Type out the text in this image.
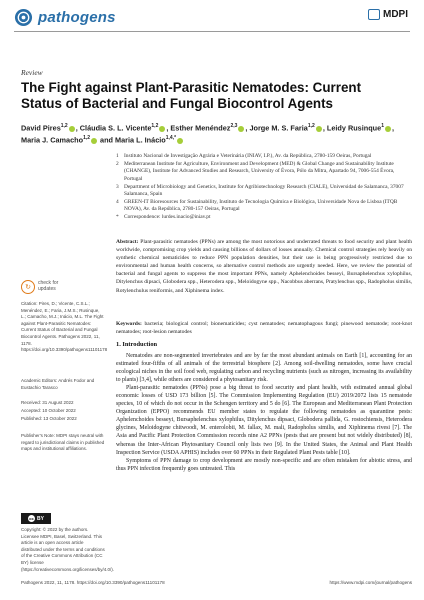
pathogens	MDPI
Review
The Fight against Plant-Parasitic Nematodes: Current Status of Bacterial and Fungal Biocontrol Agents
David Pires$^{1,2}$ , Cláudia S. L. Vicente$^{1,2}$ , Esther Menéndez$^{2,3}$ , Jorge M. S. Faria$^{1,2}$ , Leidy Rusinque$^1$ , Maria J. Camacho$^{1,2}$ and Maria L. Inácio$^{1,4,*}$
1 Instituto Nacional de Investigação Agrária e Veterinária (INIAV, I.P.), Av. da República, 2780-159 Oeiras, Portugal
2 Mediterranean Institute for Agriculture, Environment and Development (MED) & Global Change and Sustainability Institute (CHANGE), Institute for Advanced Studies and Research, University of Évora, Pólo da Mitra, Apartado 94, 7006-554 Évora, Portugal
3 Department of Microbiology and Genetics, Institute for Agribiotechnology Research (CIALE), Universidad de Salamanca, 37007 Salamanca, Spain
4 GREEN-IT Bioresources for Sustainability, Instituto de Tecnologia Química e Biológica, Universidade Nova de Lisboa (ITQB NOVA), Av. da República, 2780-157 Oeiras, Portugal
* Correspondence: lurdes.inacio@iniav.pt
Abstract: Plant-parasitic nematodes (PPNs) are among the most notorious and underrated threats to food security and plant health worldwide, compromising crop yields and causing billions of dollars of losses annually. Chemical control strategies rely heavily on synthetic chemical nematicides to reduce PPN population densities, but their use is being progressively restricted due to environmental and human health concerns, so alternative control methods are urgently needed. Here, we review the potential of bacterial and fungal agents to suppress the most important PPNs, namely Aphelenchoides besseyi, Bursaphelenchus xylophilus, Ditylenchus dipsaci, Globodera spp., Heterodera spp., Meloidogyne spp., Nacobbus aberrans, Pratylenchus spp., Radopholus similis, Rotylenchulus reniformis, and Xiphinema index.
Keywords: bacteria; biological control; bionematicides; cyst nematodes; nematophagous fungi; pinewood nematode; root-knot nematodes; root-lesion nematodes
↻	check for
updates
Citation: Pires, D.; Vicente, C.S.L.; Menéndez, E.; Faria, J.M.S.; Rusinque, L.; Camacho, M.J.; Inácio, M.L. The Fight against Plant-Parasitic Nematodes: Current Status of Bacterial and Fungal Biocontrol Agents. Pathogens 2022, 11, 1178. https://doi.org/10.3390/pathogens11101178
Academic Editors: Andrés Fodor and Eustachio Tarasco
Received: 31 August 2022
Accepted: 10 October 2022
Published: 13 October 2022
Publisher's Note: MDPI stays neutral with regard to jurisdictional claims in published maps and institutional affiliations.
cc BY
Copyright: © 2022 by the authors. Licensee MDPI, Basel, Switzerland. This article is an open access article distributed under the terms and conditions of the Creative Commons Attribution (CC BY) license (https://creativecommons.org/licenses/by/4.0/).
1. Introduction

Nematodes are non-segmented invertebrates and are by far the most abundant animals on Earth [1], accounting for an estimated four-fifths of all animals of the terrestrial biosphere [2]. Among soil-dwelling nematodes, some have crucial ecological niches in the soil food web, regulating carbon and recycling nutrients (such as nitrogen, increasing its availability to plants) [3,4], while others are considered a phytosanitary risk.

Plant-parasitic nematodes (PPNs) pose a big threat to food security and plant health, with estimated annual global economic losses of USD 173 billion [5]. The Commission Implementing Regulation (EU) 2019/2072 lists 15 nematode species, 10 of which do not occur in the Schengen territory and 5 do [6]. The European and Mediterranean Plant Protection Organization (EPPO) recommends EU member states to regulate the following nematodes as quarantine pests: Aphelenchoides besseyi, Bursaphelenchus xylophilus, Ditylenchus dipsaci, Globodera pallida, G. rostochiensis, Heterodera glycines, Meloidogyne chitwoodi, M. enterolobii, M. fallax, M. mali, Radopholus similis, and Xiphinema rivesi [7]. The Asia and Pacific Plant Protection Commission records nine A2 PPNs (pests that are present but not widely distributed) [8], whereas the Inter-African Phytosanitary Council only lists two [9]. In the United States, the Animal and Plant Health Inspection Service (USDA APHIS) includes over 60 PPNs in their Regulated Plant Pests table [10].

Symptoms of PPN damage to crop development are mostly non-specific and are often mistaken for abiotic stress, and thus PPN infection frequently goes untreated. This

Pathogens 2022, 11, 1178. https://doi.org/10.3390/pathogens11101178	https://www.mdpi.com/journal/pathogens
